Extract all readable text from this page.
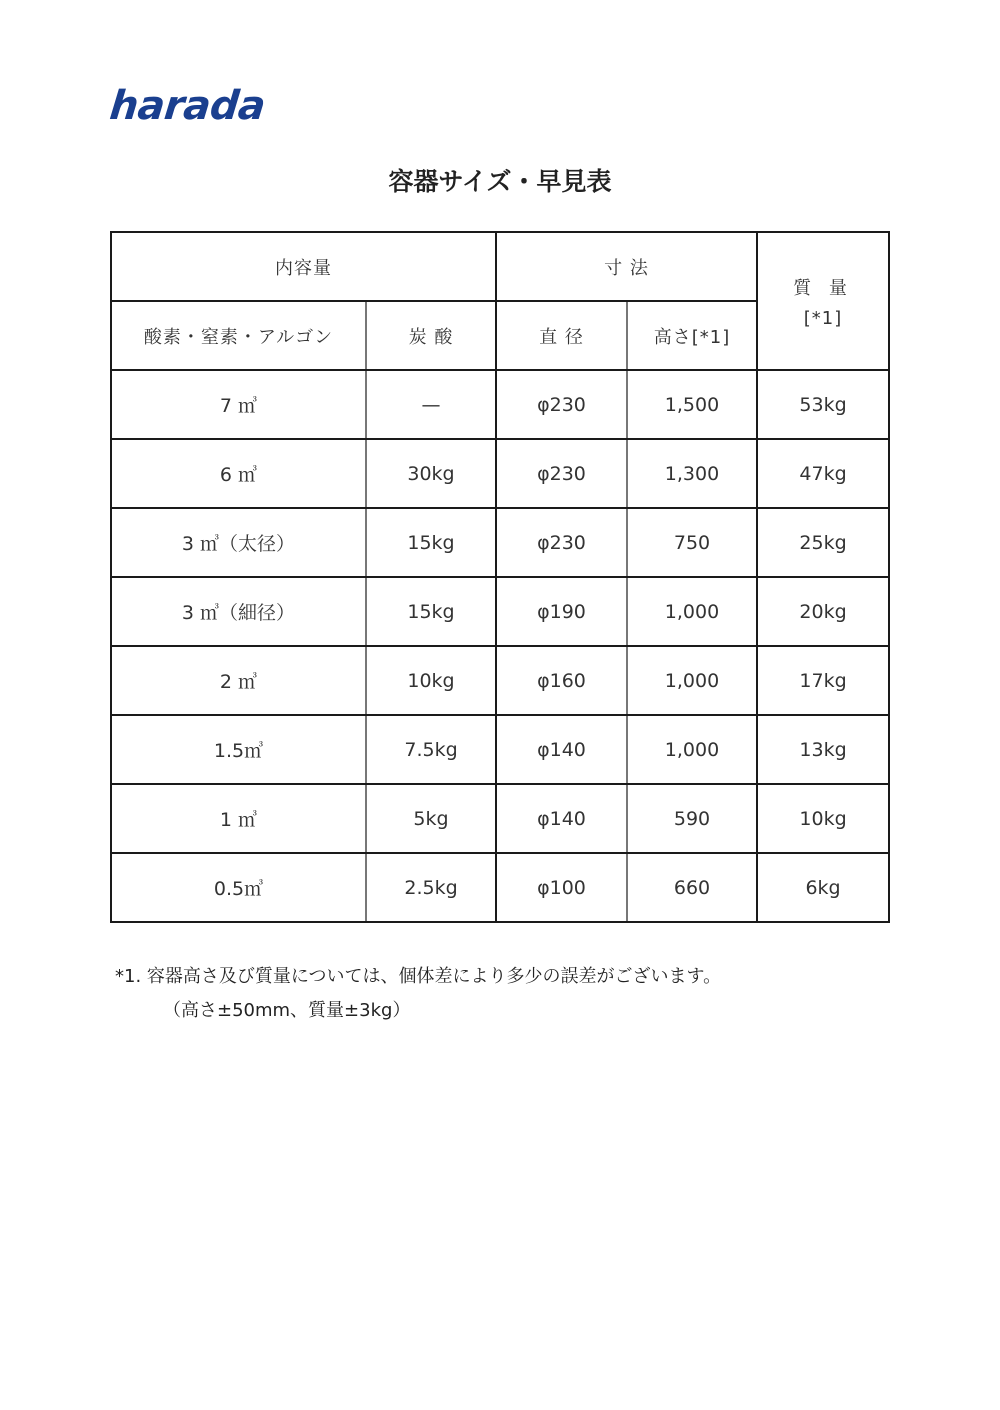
harada
容器サイズ・早見表
内容量		寸 法		質 量
[*1]

酸素・窒素・アルゴン	炭 酸	直 径	高さ[*1]	
7 ㎥	—	φ230	1,500	53kg
6 ㎥	30kg	φ230	1,300	47kg
3 ㎥（太径）	15kg	φ230	750	25kg
3 ㎥（細径）	15kg	φ190	1,000	20kg
2 ㎥	10kg	φ160	1,000	17kg
1.5㎥	7.5kg	φ140	1,000	13kg
1 ㎥	5kg	φ140	590	10kg
0.5㎥	2.5kg	φ100	660	6kg
*1. 容器高さ及び質量については、個体差により多少の誤差がございます。
（高さ±50mm、質量±3kg）
